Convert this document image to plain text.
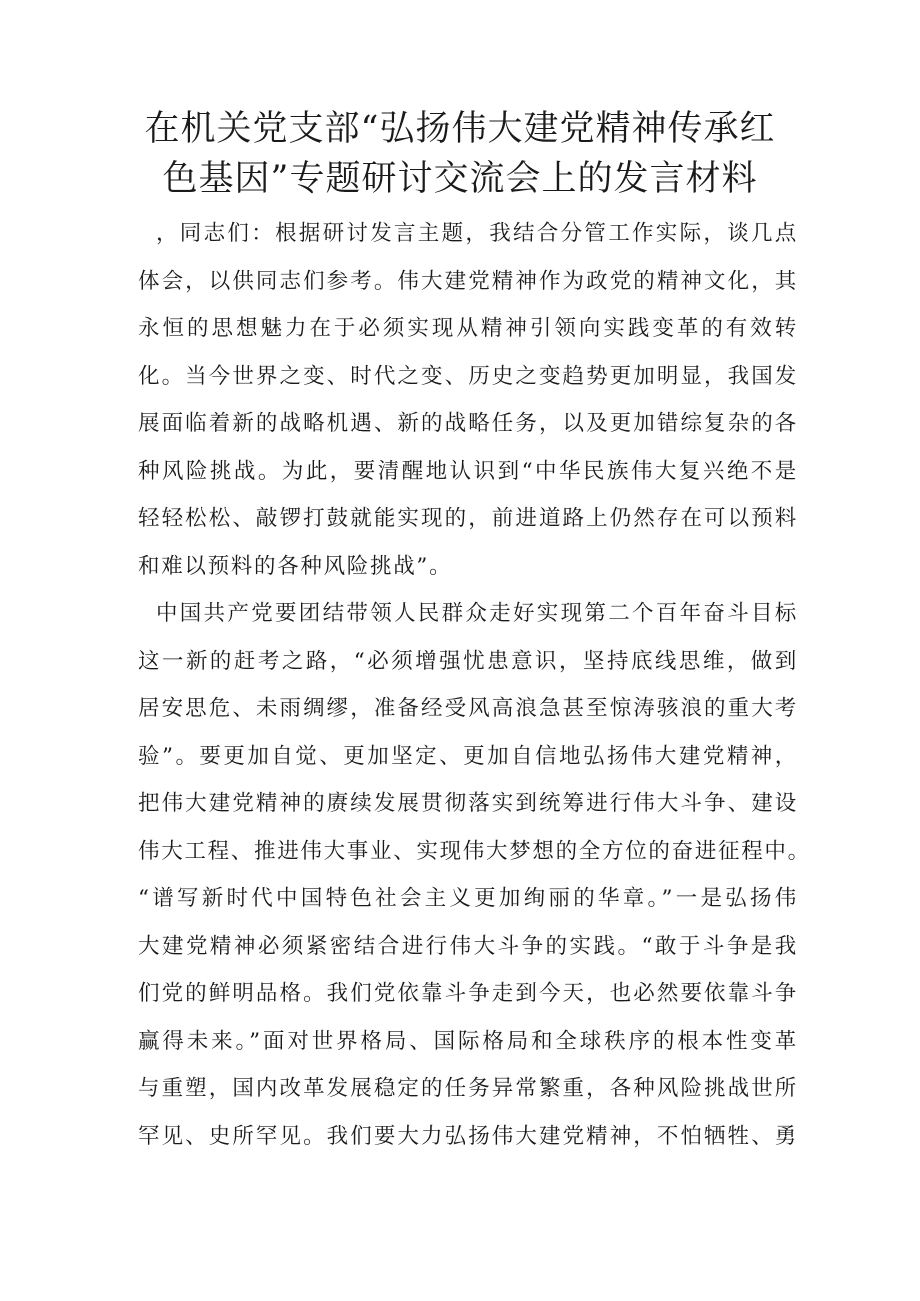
在机关党支部“弘扬伟大建党精神传承红
色基因”专题研讨交流会上的发言材料
，同志们：根据研讨发言主题，我结合分管工作实际，谈几点
体会，以供同志们参考。伟大建党精神作为政党的精神文化，其
永恒的思想魅力在于必须实现从精神引领向实践变革的有效转
化。当今世界之变、时代之变、历史之变趋势更加明显，我国发
展面临着新的战略机遇、新的战略任务，以及更加错综复杂的各
种风险挑战。为此，要清醒地认识到“中华民族伟大复兴绝不是
轻轻松松、敲锣打鼓就能实现的，前进道路上仍然存在可以预料
和难以预料的各种风险挑战”。
中国共产党要团结带领人民群众走好实现第二个百年奋斗目标
这一新的赶考之路，“必须增强忧患意识，坚持底线思维，做到
居安思危、未雨绸缪，准备经受风高浪急甚至惊涛骇浪的重大考
验”。要更加自觉、更加坚定、更加自信地弘扬伟大建党精神，
把伟大建党精神的赓续发展贯彻落实到统筹进行伟大斗争、建设
伟大工程、推进伟大事业、实现伟大梦想的全方位的奋进征程中。
“谱写新时代中国特色社会主义更加绚丽的华章。”一是弘扬伟
大建党精神必须紧密结合进行伟大斗争的实践。“敢于斗争是我
们党的鲜明品格。我们党依靠斗争走到今天，也必然要依靠斗争
赢得未来。”面对世界格局、国际格局和全球秩序的根本性变革
与重塑，国内改革发展稳定的任务异常繁重，各种风险挑战世所
罕见、史所罕见。我们要大力弘扬伟大建党精神，不怕牺牲、勇
